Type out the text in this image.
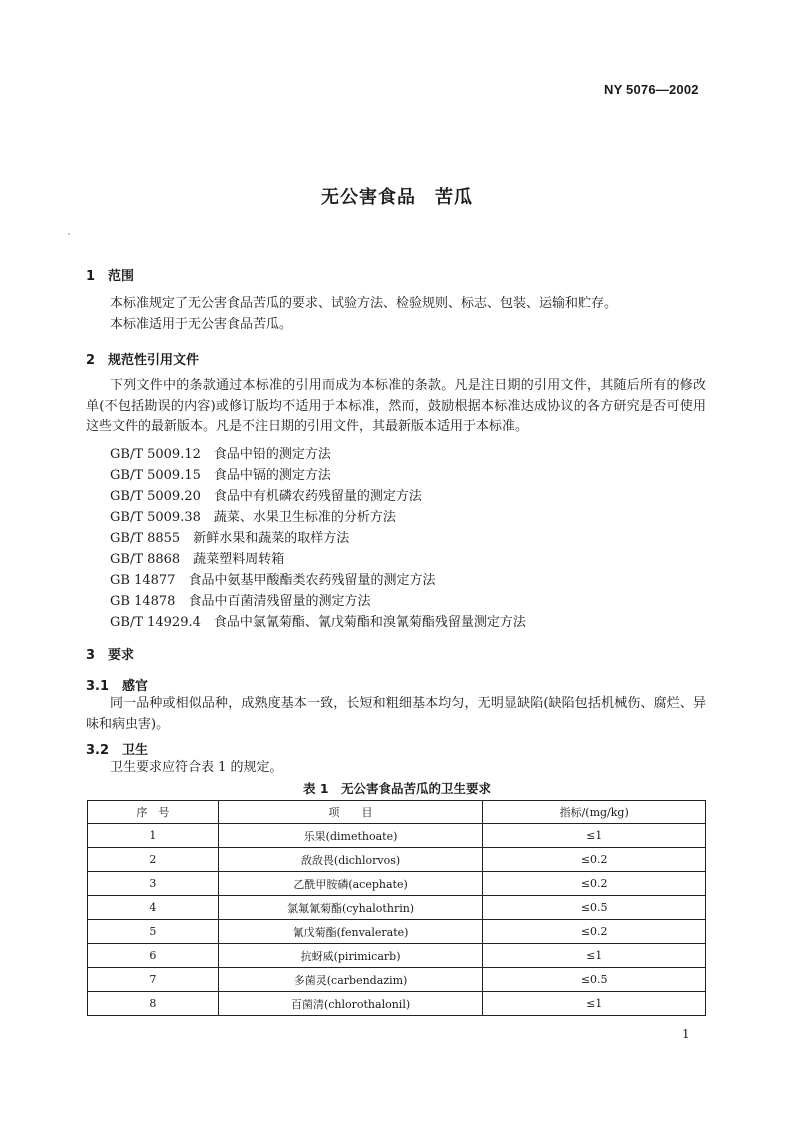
NY 5076—2002
无公害食品　苦瓜
1　范围
本标准规定了无公害食品苦瓜的要求、试验方法、检验规则、标志、包装、运输和贮存。
本标准适用于无公害食品苦瓜。
2　规范性引用文件
下列文件中的条款通过本标准的引用而成为本标准的条款。凡是注日期的引用文件，其随后所有的修改单(不包括勘误的内容)或修订版均不适用于本标准，然而，鼓励根据本标准达成协议的各方研究是否可使用这些文件的最新版本。凡是不注日期的引用文件，其最新版本适用于本标准。
GB/T 5009.12　 食品中铅的测定方法
GB/T 5009.15　 食品中镉的测定方法
GB/T 5009.20　 食品中有机磷农药残留量的测定方法
GB/T 5009.38　 蔬菜、水果卫生标准的分析方法
GB/T 8855　 新鲜水果和蔬菜的取样方法
GB/T 8868　 蔬菜塑料周转箱
GB 14877　 食品中氨基甲酸酯类农药残留量的测定方法
GB 14878　 食品中百菌清残留量的测定方法
GB/T 14929.4　 食品中氯氰菊酯、氰戊菊酯和溴氰菊酯残留量测定方法
3　要求
3.1　感官
同一品种或相似品种，成熟度基本一致，长短和粗细基本均匀，无明显缺陷(缺陷包括机械伤、腐烂、异味和病虫害)。
3.2　卫生
卫生要求应符合表 1 的规定。
表 1　无公害食品苦瓜的卫生要求
序　号	项　　目	指标/(mg/kg)
1	乐果(dimethoate)	≤1
2	敌敌畏(dichlorvos)	≤0.2
3	乙酰甲胺磷(acephate)	≤0.2
4	氯氟氰菊酯(cyhalothrin)	≤0.5
5	氰戊菊酯(fenvalerate)	≤0.2
6	抗蚜威(pirimicarb)	≤1
7	多菌灵(carbendazim)	≤0.5
8	百菌清(chlorothalonil)	≤1
1
